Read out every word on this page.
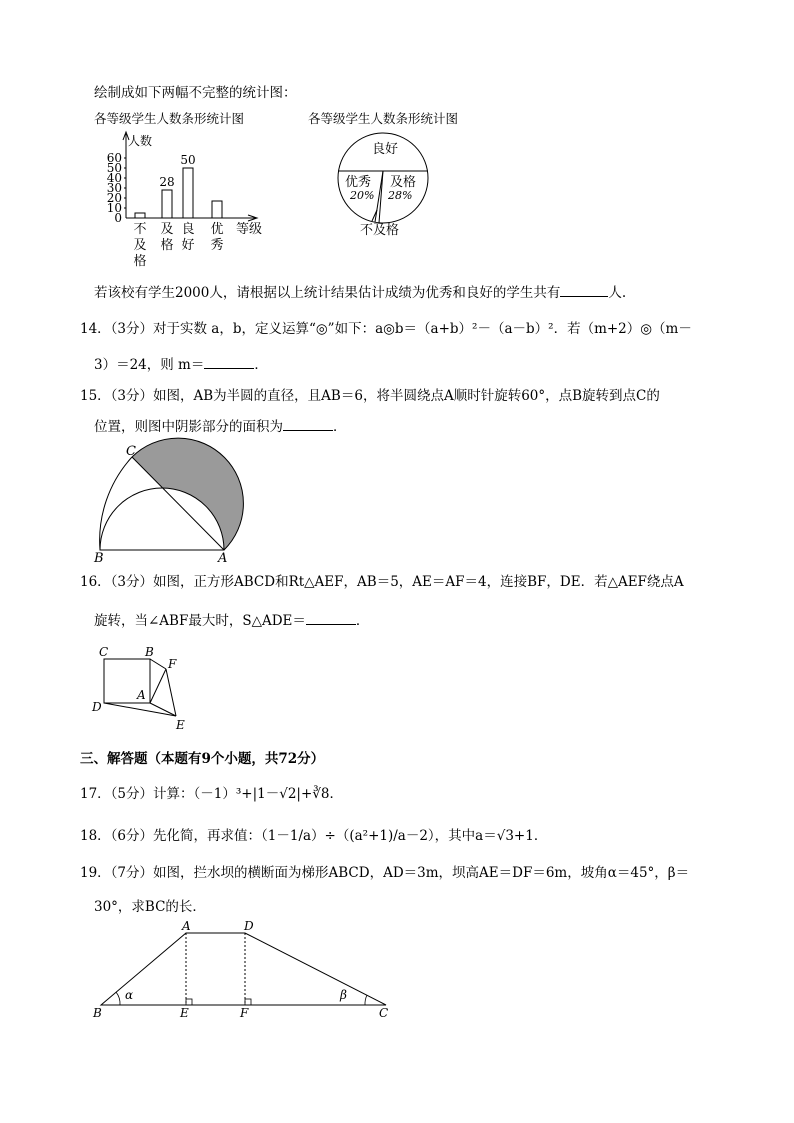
绘制成如下两幅不完整的统计图：
各等级学生人数条形统计图
人数
60
50
40
30
20
10
0
不
及
格
及
格
良
好
优
秀
28
50
等级
各等级学生人数条形统计图
良好
优秀 及格
20% 28%
不及格
若该校有学生2000人，请根据以上统计结果估计成绩为优秀和良好的学生共有	人.
14．（3分）对于实数 a，b，定义运算“◎”如下：a◎b＝（a+b）²－（a－b）²．若（m+2）◎（m－
3）＝24，则 m＝	．
15．（3分）如图，AB为半圆的直径，且AB＝6，将半圆绕点A顺时针旋转60°，点B旋转到点C的
位置，则图中阴影部分的面积为	．
C
B	A
16．（3分）如图，正方形ABCD和Rt△AEF，AB＝5，AE＝AF＝4，连接BF，DE．若△AEF绕点A
旋转，当∠ABF最大时，S△ADE＝	．
C	B
F
A
D
E
三、解答题（本题有9个小题，共72分）
17．（5分）计算：（－1）³+|1－√2|+∛8．
18．（6分）先化简，再求值：（1－1/a）÷（(a²+1)/a－2），其中a＝√3+1．
19．（7分）如图，拦水坝的横断面为梯形ABCD，AD＝3m，坝高AE＝DF＝6m，坡角α＝45°，β＝
30°，求BC的长．
A	D
B	E	F	C
α	β
